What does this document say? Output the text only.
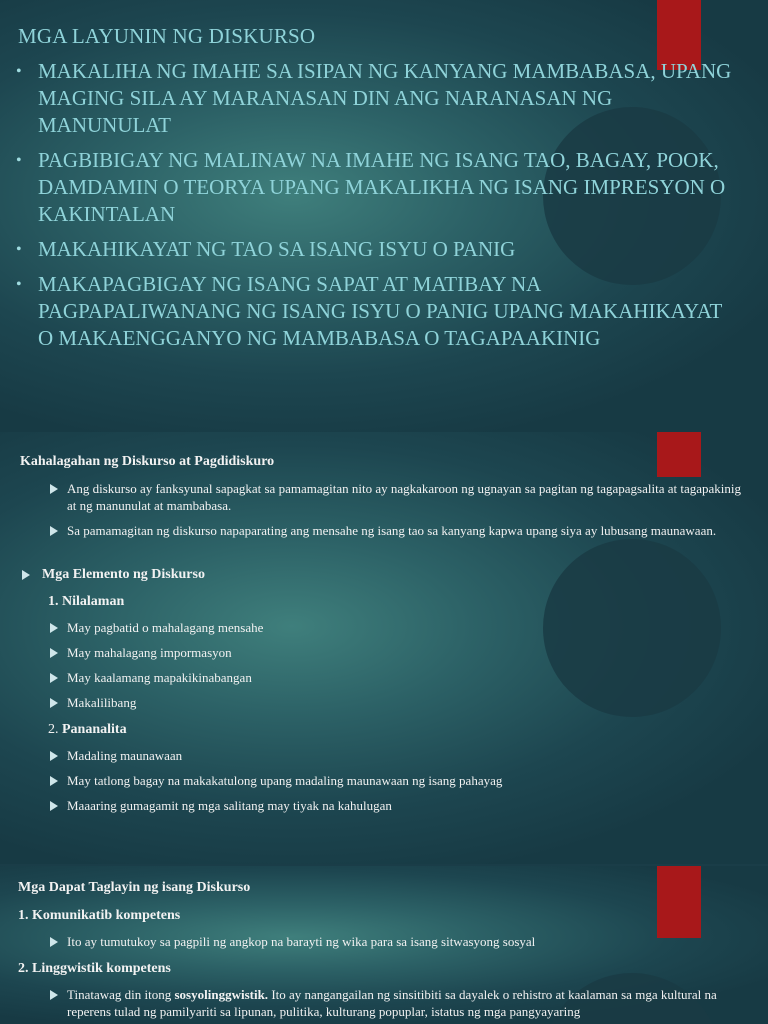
MGA LAYUNIN NG DISKURSO
• MAKALIHA NG IMAHE SA ISIPAN NG KANYANG MAMBABASA, UPANG MAGING SILA AY MARANASAN DIN ANG NARANASAN NG MANUNULAT
• PAGBIBIGAY NG MALINAW NA IMAHE NG ISANG TAO, BAGAY, POOK, DAMDAMIN O TEORYA UPANG MAKALIKHA NG ISANG IMPRESYON O KAKINTALAN
• MAKAHIKAYAT NG TAO SA ISANG ISYU O PANIG
• MAKAPAGBIGAY NG ISANG SAPAT AT MATIBAY NA PAGPAPALIWANANG NG ISANG ISYU O PANIG UPANG MAKAHIKAYAT O MAKAENGGANYO NG MAMBABASA O TAGAPAAKINIG
Kahalagahan ng Diskurso at Pagdidiskuro
Ang diskurso ay fanksyunal sapagkat sa pamamagitan nito ay nagkakaroon ng ugnayan sa pagitan ng tagapagsalita at tagapakinig at ng manunulat at mambabasa.
Sa pamamagitan ng diskurso napaparating ang mensahe ng isang tao sa kanyang kapwa upang siya ay lubusang maunawaan.
Mga Elemento ng Diskurso
1. Nilalaman
May pagbatid o mahalagang mensahe
May mahalagang impormasyon
May kaalamang mapakikinabangan
Makalilibang
2. Pananalita
Madaling maunawaan
May tatlong bagay na makakatulong upang madaling maunawaan ng isang pahayag
Maaaring gumagamit ng mga salitang may tiyak na kahulugan
Mga Dapat Taglayin ng isang Diskurso
1. Komunikatib kompetens
Ito ay tumutukoy sa pagpili ng angkop na barayti ng wika para sa isang sitwasyong sosyal
2. Linggwistik kompetens
Tinatawag din itong sosyolinggwistik. Ito ay nangangailan ng sinsitibiti sa dayalek o rehistro at kaalaman sa mga kultural na reperens tulad ng pamilyariti sa lipunan, pulitika, kulturang popuplar, istatus ng mga pangyayaring
